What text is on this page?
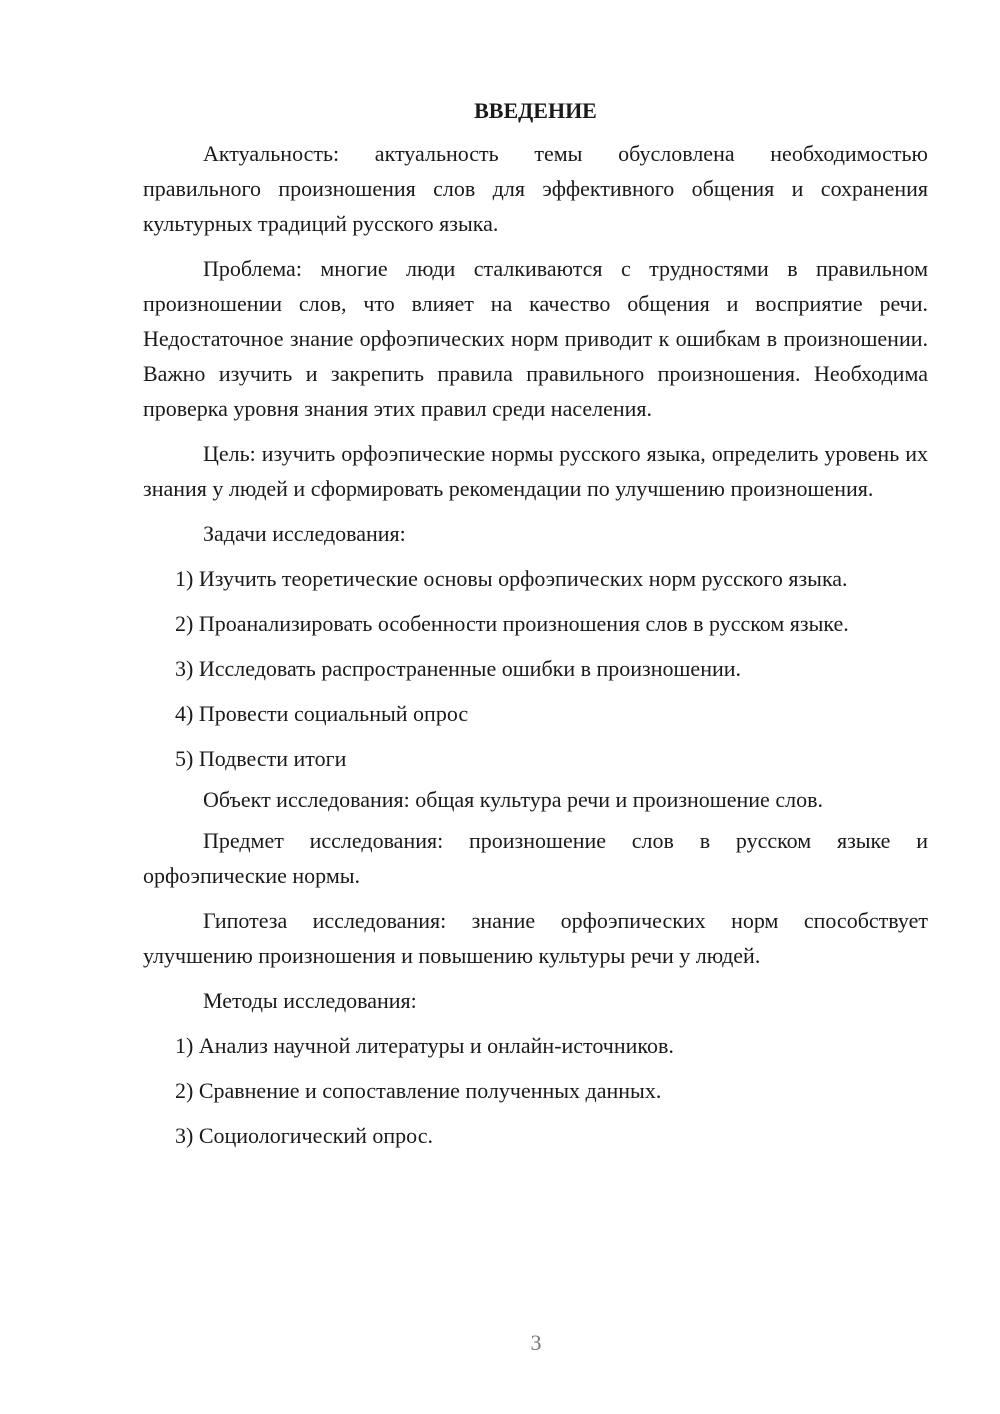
ВВЕДЕНИЕ

Актуальность: актуальность темы обусловлена необходимостью правильного произношения слов для эффективного общения и сохранения культурных традиций русского языка.

Проблема: многие люди сталкиваются с трудностями в правильном произношении слов, что влияет на качество общения и восприятие речи. Недостаточное знание орфоэпических норм приводит к ошибкам в произношении. Важно изучить и закрепить правила правильного произношения. Необходима проверка уровня знания этих правил среди населения.

Цель: изучить орфоэпические нормы русского языка, определить уровень их знания у людей и сформировать рекомендации по улучшению произношения.

Задачи исследования:

1) Изучить теоретические основы орфоэпических норм русского языка.

2) Проанализировать особенности произношения слов в русском языке.

3) Исследовать распространенные ошибки в произношении.

4) Провести социальный опрос

5) Подвести итоги

Объект исследования: общая культура речи и произношение слов.

Предмет исследования: произношение слов в русском языке и орфоэпические нормы.

Гипотеза исследования: знание орфоэпических норм способствует улучшению произношения и повышению культуры речи у людей.

Методы исследования:

1) Анализ научной литературы и онлайн-источников.

2) Сравнение и сопоставление полученных данных.

3) Социологический опрос.

3
